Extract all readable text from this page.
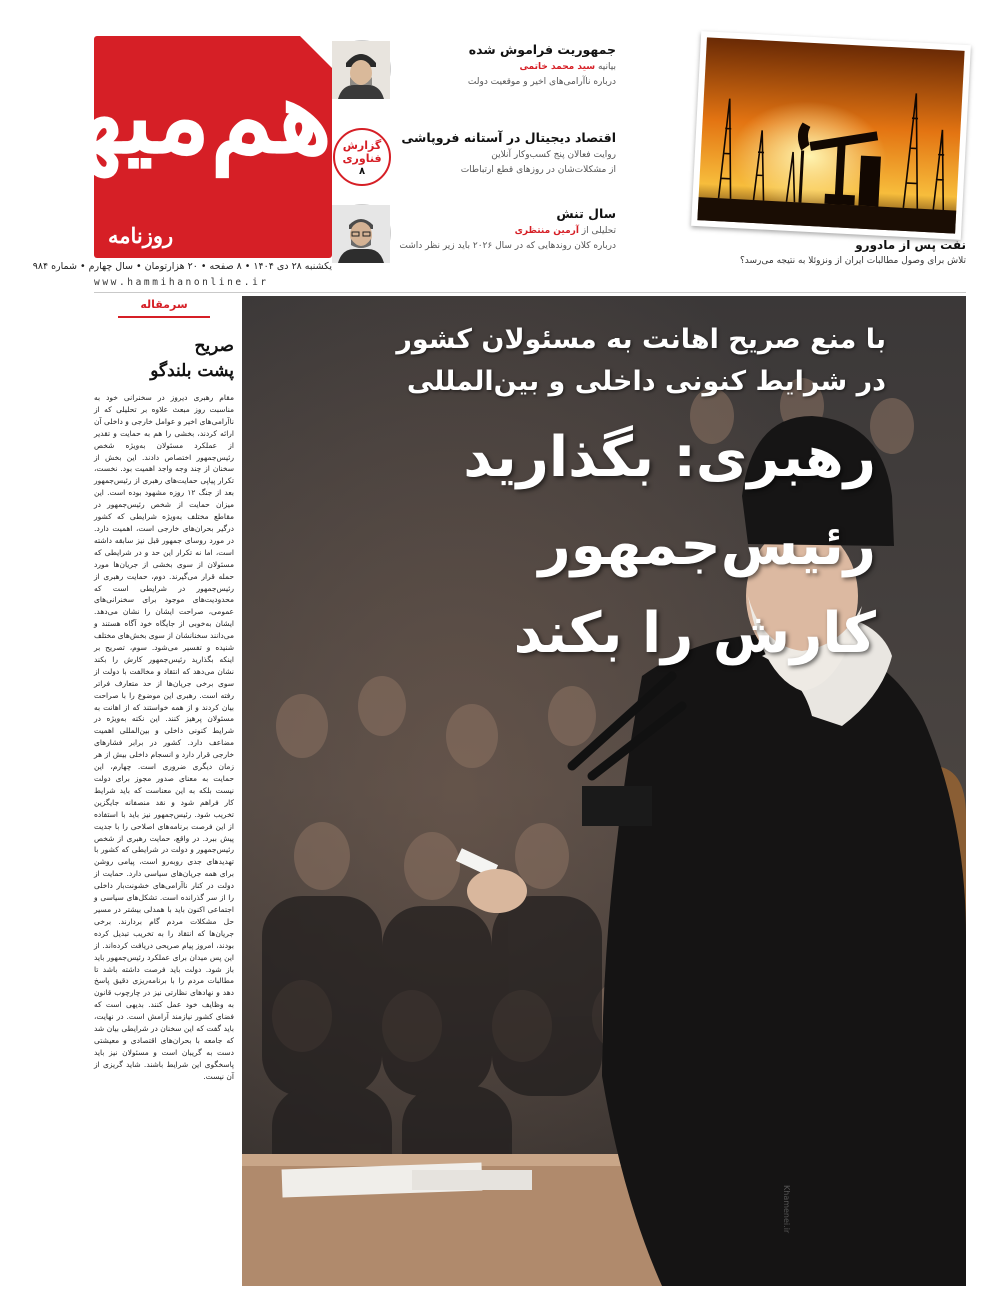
هم‌میهن
روزنامه
یکشنبه ۲۸ دی ۱۴۰۴ • ۸ صفحه • ۲۰ هزارتومان • سال چهارم • شماره ۹۸۴
www.hammihanonline.ir
جمهوریت فراموش شده
بیانیه سید محمد خاتمی
درباره ناآرامی‌های اخیر و موقعیت دولت
گزارش فناوری
۸
اقتصاد دیجیتال در آستانه فروپاشی
روایت فعالان پنج کسب‌وکار آنلاین
از مشکلات‌شان در روزهای قطع ارتباطات
سال تنش
تحلیلی از آرمین منتظری
درباره کلان روندهایی که در سال ۲۰۲۶ باید زیر نظر داشت	نفت پس از مادورو
تلاش برای وصول مطالبات ایران از ونزوئلا به نتیجه می‌رسد؟
سرمقاله
صریح
پشت بلندگو
مقام رهبری دیروز در سخنرانی خود به مناسبت روز مبعث علاوه بر تحلیلی که از ناآرامی‌های اخیر و عوامل خارجی و داخلی آن ارائه کردند، بخشی را هم به حمایت و تقدیر از عملکرد مسئولان به‌ویژه شخص رئیس‌جمهور اختصاص دادند. این بخش از سخنان از چند وجه واجد اهمیت بود. نخست، تکرار پیاپی حمایت‌های رهبری از رئیس‌جمهور بعد از جنگ ۱۲ روزه مشهود بوده است. این میزان حمایت از شخص رئیس‌جمهور در مقاطع مختلف به‌ویژه شرایطی که کشور درگیر بحران‌های خارجی است، اهمیت دارد. در مورد روسای جمهور قبل نیز سابقه داشته است، اما نه تکرار این حد و در شرایطی که مسئولان از سوی بخشی از جریان‌ها مورد حمله قرار می‌گیرند. دوم، حمایت رهبری از رئیس‌جمهور در شرایطی است که محدودیت‌های موجود برای سخنرانی‌های عمومی، صراحت ایشان را نشان می‌دهد. ایشان به‌خوبی از جایگاه خود آگاه هستند و می‌دانند سخنانشان از سوی بخش‌های مختلف شنیده و تفسیر می‌شود. سوم، تصریح بر اینکه بگذارید رئیس‌جمهور کارش را بکند نشان می‌دهد که انتقاد و مخالفت با دولت از سوی برخی جریان‌ها از حد متعارف فراتر رفته است. رهبری این موضوع را با صراحت بیان کردند و از همه خواستند که از اهانت به مسئولان پرهیز کنند. این نکته به‌ویژه در شرایط کنونی داخلی و بین‌المللی اهمیت مضاعف دارد. کشور در برابر فشارهای خارجی قرار دارد و انسجام داخلی بیش از هر زمان دیگری ضروری است. چهارم، این حمایت به معنای صدور مجوز برای دولت نیست بلکه به این معناست که باید شرایط کار فراهم شود و نقد منصفانه جایگزین تخریب شود. رئیس‌جمهور نیز باید با استفاده از این فرصت برنامه‌های اصلاحی را با جدیت پیش ببرد. در واقع، حمایت رهبری از شخص رئیس‌جمهور و دولت در شرایطی که کشور با تهدیدهای جدی روبه‌رو است، پیامی روشن برای همه جریان‌های سیاسی دارد. حمایت از دولت در کنار ناآرامی‌های خشونت‌بار داخلی را از سر گذرانده است. تشکل‌های سیاسی و اجتماعی اکنون باید با همدلی بیشتر در مسیر حل مشکلات مردم گام بردارند. برخی جریان‌ها که انتقاد را به تخریب تبدیل کرده بودند، امروز پیام صریحی دریافت کرده‌اند. از این پس میدان برای عملکرد رئیس‌جمهور باید باز شود. دولت باید فرصت داشته باشد تا مطالبات مردم را با برنامه‌ریزی دقیق پاسخ دهد و نهادهای نظارتی نیز در چارچوب قانون به وظایف خود عمل کنند. بدیهی است که فضای کشور نیازمند آرامش است. در نهایت، باید گفت که این سخنان در شرایطی بیان شد که جامعه با بحران‌های اقتصادی و معیشتی دست به گریبان است و مسئولان نیز باید پاسخگوی این شرایط باشند. شاید گریزی از آن نیست.
با منع صریح اهانت به مسئولان کشور
در شرایط کنونی داخلی و بین‌المللی
رهبری: بگذارید
رئیس‌جمهور
کارش را بکند
Khamenei.ir
